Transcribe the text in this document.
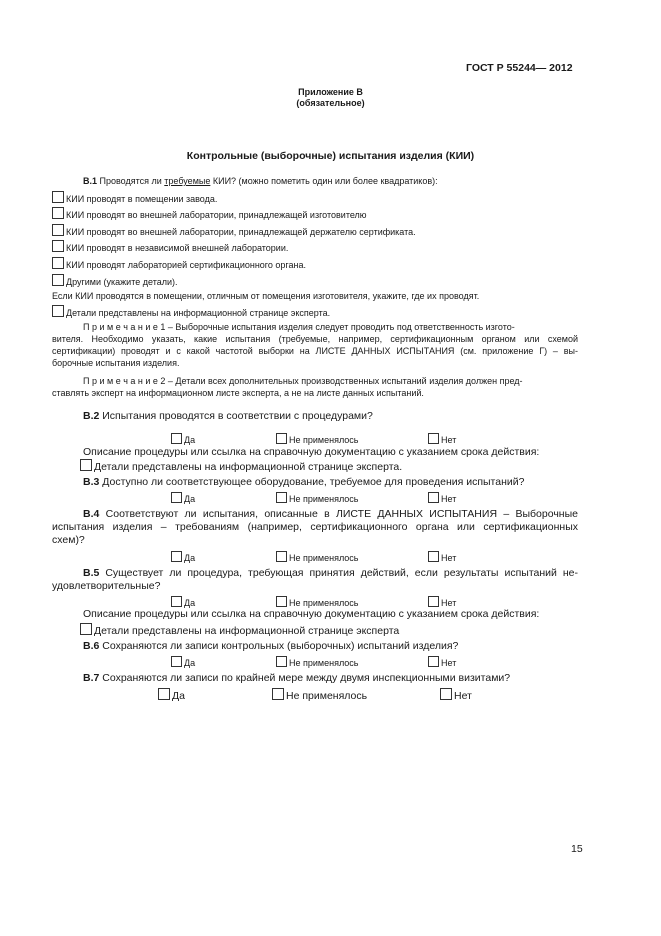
ГОСТ Р 55244— 2012
Приложение В
(обязательное)
Контрольные (выборочные) испытания изделия (КИИ)
B.1 Проводятся ли требуемые КИИ? (можно пометить один или более квадратиков):
КИИ проводят в помещении завода.
КИИ проводят во внешней лаборатории, принадлежащей изготовителю
КИИ проводят во внешней лаборатории, принадлежащей держателю сертификата.
КИИ проводят в независимой внешней лаборатории.
КИИ проводят лабораторией сертификационного органа.
Другими (укажите детали).
Если КИИ проводятся в помещении, отличным от помещения изготовителя, укажите, где их проводят.
Детали представлены на информационной странице эксперта.
П р и м е ч а н и е 1 – Выборочные испытания изделия следует проводить под ответственность изгото-
вителя. Необходимо указать, какие испытания (требуемые, например, сертификационным органом или схемой
сертификации) проводят и с какой частотой выборки на ЛИСТЕ ДАННЫХ ИСПЫТАНИЯ (см. приложение Г) – вы-
борочные испытания изделия.
П р и м е ч а н и е 2 – Детали всех дополнительных производственных испытаний изделия должен пред-
ставлять эксперт на информационном листе эксперта, а не на листе данных испытаний.
B.2 Испытания проводятся в соответствии с процедурами?
Да	Не применялось	Нет
Описание процедуры или ссылка на справочную документацию с указанием срока действия:
Детали представлены на информационной странице эксперта.
B.3 Доступно ли соответствующее оборудование, требуемое для проведения испытаний?
Да	Не применялось	Нет
B.4 Соответствуют ли испытания, описанные в ЛИСТЕ ДАННЫХ ИСПЫТАНИЯ – Выборочные
испытания изделия – требованиям (например, сертификационного органа или сертификационных
схем)?
Да	Не применялось	Нет
B.5 Существует ли процедура, требующая принятия действий, если результаты испытаний не-
удовлетворительные?
Да	Не применялось	Нет
Описание процедуры или ссылка на справочную документацию с указанием срока действия:
Детали представлены на информационной странице эксперта
B.6 Сохраняются ли записи контрольных (выборочных) испытаний изделия?
Да	Не применялось	Нет
B.7 Сохраняются ли записи по крайней мере между двумя инспекционными визитами?
Да	Не применялось	Нет
15
